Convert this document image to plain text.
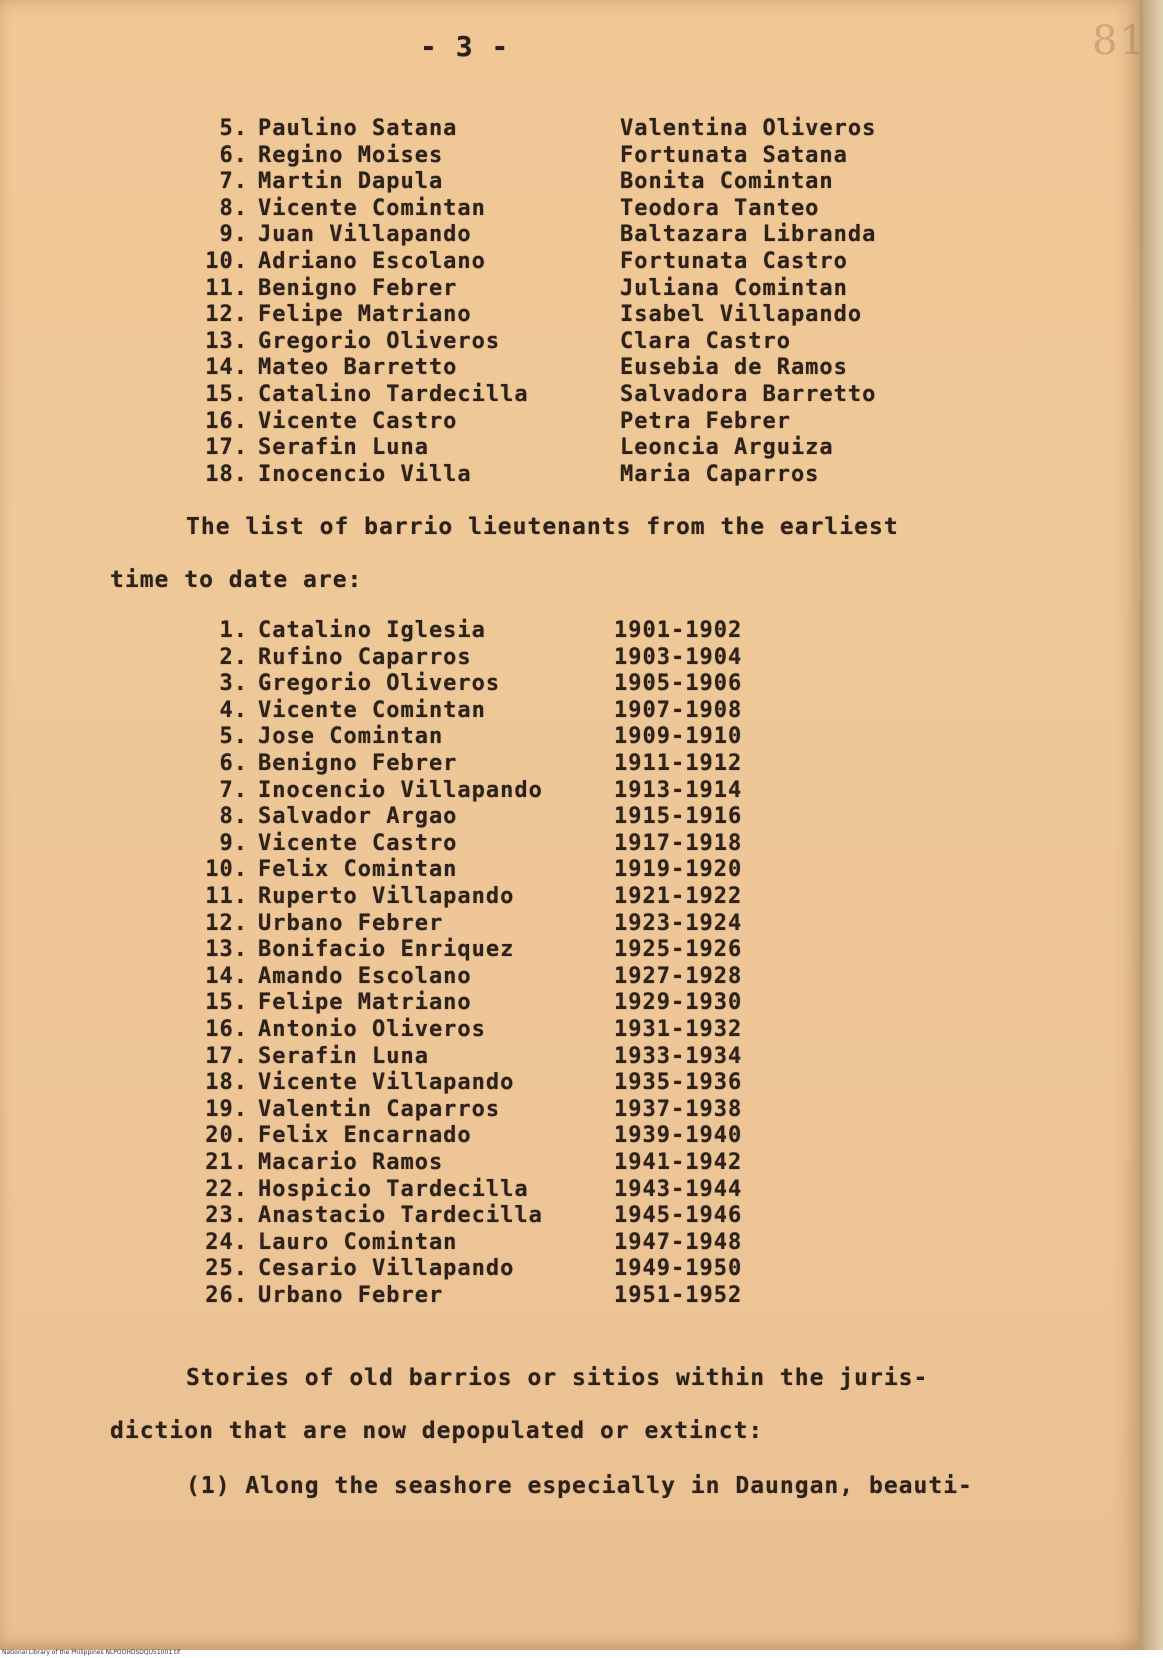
- 3 -	81
5. Paulino Satana	Valentina Oliveros
6. Regino Moises	Fortunata Satana
7. Martin Dapula	Bonita Comintan
8. Vicente Comintan	Teodora Tanteo
9. Juan Villapando	Baltazara Libranda
10. Adriano Escolano	Fortunata Castro
11. Benigno Febrer	Juliana Comintan
12. Felipe Matriano	Isabel Villapando
13. Gregorio Oliveros	Clara Castro
14. Mateo Barretto	Eusebia de Ramos
15. Catalino Tardecilla	Salvadora Barretto
16. Vicente Castro	Petra Febrer
17. Serafin Luna	Leoncia Arguiza
18. Inocencio Villa	Maria Caparros
The list of barrio lieutenants from the earliest
time to date are:
1. Catalino Iglesia	1901-1902
2. Rufino Caparros	1903-1904
3. Gregorio Oliveros	1905-1906
4. Vicente Comintan	1907-1908
5. Jose Comintan	1909-1910
6. Benigno Febrer	1911-1912
7. Inocencio Villapando	1913-1914
8. Salvador Argao	1915-1916
9. Vicente Castro	1917-1918
10. Felix Comintan	1919-1920
11. Ruperto Villapando	1921-1922
12. Urbano Febrer	1923-1924
13. Bonifacio Enriquez	1925-1926
14. Amando Escolano	1927-1928
15. Felipe Matriano	1929-1930
16. Antonio Oliveros	1931-1932
17. Serafin Luna	1933-1934
18. Vicente Villapando	1935-1936
19. Valentin Caparros	1937-1938
20. Felix Encarnado	1939-1940
21. Macario Ramos	1941-1942
22. Hospicio Tardecilla	1943-1944
23. Anastacio Tardecilla	1945-1946
24. Lauro Comintan	1947-1948
25. Cesario Villapando	1949-1950
26. Urbano Febrer	1951-1952
Stories of old barrios or sitios within the juris-
diction that are now depopulated or extinct:
(1) Along the seashore especially in Daungan, beauti-
National Library of the Philippines NLPOOHDSDQU51001.tif
